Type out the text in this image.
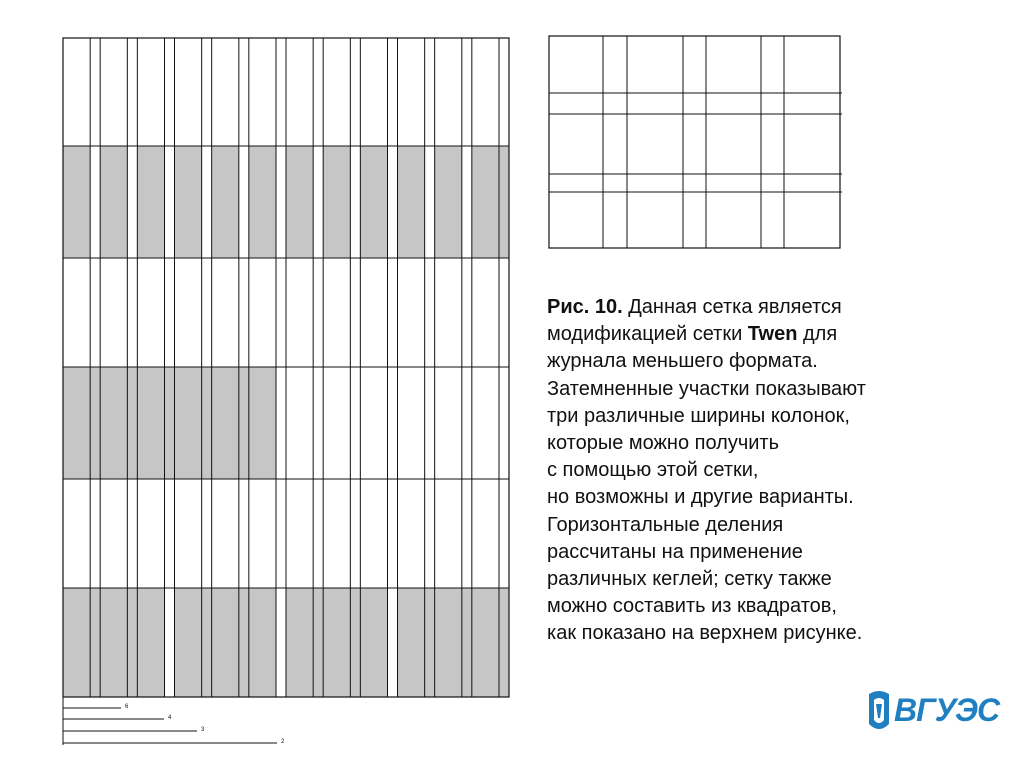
6
4
3
2
Рис. 10. Данная сетка является
модификацией сетки Twen для
журнала меньшего формата.
Затемненные участки показывают
три различные ширины колонок,
которые можно получить
с помощью этой сетки,
но возможны и другие варианты.
Горизонтальные деления
рассчитаны на применение
различных кеглей; сетку также
можно составить из квадратов,
как показано на верхнем рисунке.
ВГУЭС
